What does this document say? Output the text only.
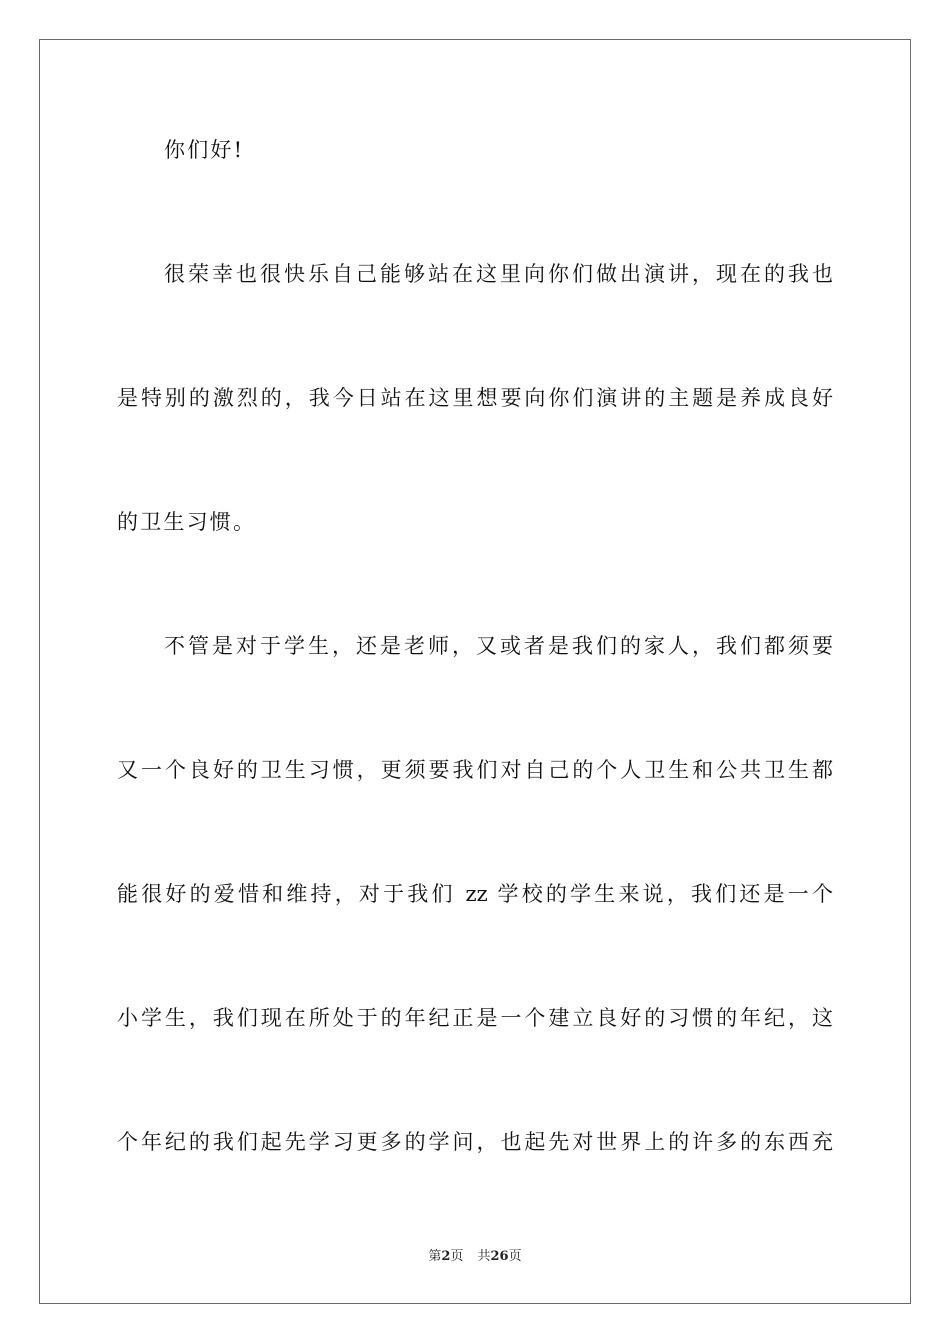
你们好!
很荣幸也很快乐自己能够站在这里向你们做出演讲，现在的我也
是特别的激烈的，我今日站在这里想要向你们演讲的主题是养成良好
的卫生习惯。
不管是对于学生，还是老师，又或者是我们的家人，我们都须要
又一个良好的卫生习惯，更须要我们对自己的个人卫生和公共卫生都
能很好的爱惜和维持，对于我们 zz 学校的学生来说，我们还是一个
小学生，我们现在所处于的年纪正是一个建立良好的习惯的年纪，这
个年纪的我们起先学习更多的学问，也起先对世界上的许多的东西充
第2页 共26页
